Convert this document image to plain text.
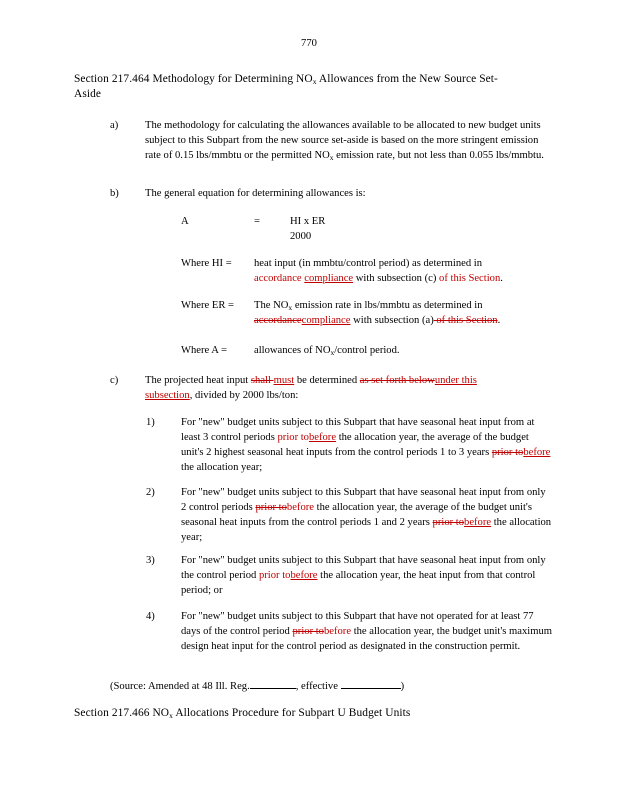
770
Section 217.464 Methodology for Determining $NO_x$ Allowances from the New Source Set-
Aside
a)	The methodology for calculating the allowances available to be allocated to new budget units subject to this Subpart from the new source set-aside is based on the more stringent emission rate of 0.15 lbs/mmbtu or the permitted $NO_x$ emission rate, but not less than 0.055 lbs/mmbtu.
b) The general equation for determining allowances is:
A	=	HI x ER
2000
Where HI = heat input (in mmbtu/control period) as determined in
accordance compliance with subsection (c) of this Section.
Where ER = The $NO_x$ emission rate in lbs/mmbtu as determined in
accordancecompliance with subsection (a) of this Section.
Where A =	allowances of $NO_x$/control period.
c)	The projected heat input shall must be determined as set forth belowunder this
subsection, divided by 2000 lbs/ton:
1) For "new" budget units subject to this Subpart that have seasonal heat input from at least 3 control periods prior tobefore the allocation year, the average of the budget unit's 2 highest seasonal heat inputs from the control periods 1 to 3 years prior tobefore the allocation year;
2) For "new" budget units subject to this Subpart that have seasonal heat input from only 2 control periods prior tobefore the allocation year, the average of the budget unit's seasonal heat inputs from the control periods 1 and 2 years prior tobefore the allocation year;
3) For "new" budget units subject to this Subpart that have seasonal heat input from only the control period prior tobefore the allocation year, the heat input from that control period; or
4) For "new" budget units subject to this Subpart that have not operated for at least 77 days of the control period prior tobefore the allocation year, the budget unit's maximum design heat input for the control period as designated in the construction permit.
(Source: Amended at 48 Ill. Reg.	, effective	)
Section 217.466 $NO_x$ Allocations Procedure for Subpart U Budget Units
